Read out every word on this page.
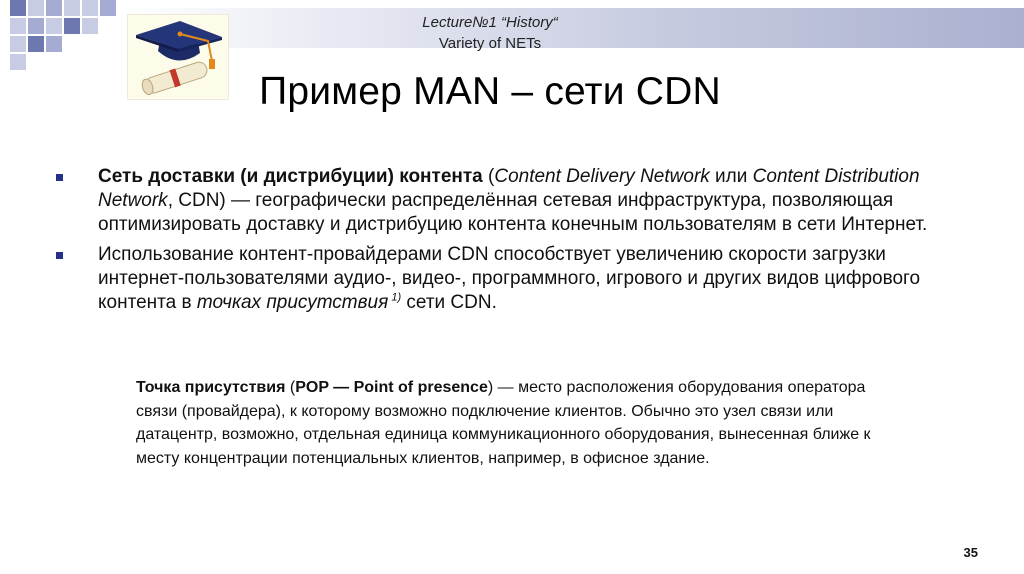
Lecture№1 “History“
Variety of NETs
Пример MAN – сети CDN
Сеть доставки (и дистрибуции) контента (Content Delivery Network или Content Distribution Network, CDN) — географически распределённая сетевая инфраструктура, позволяющая оптимизировать доставку и дистрибуцию контента конечным пользователям в сети Интернет.
Использование контент-провайдерами CDN способствует увеличению скорости загрузки интернет-пользователями аудио-, видео-, программного, игрового и других видов цифрового контента в точках присутствия $^{1)}$ сети CDN.
Точка присутствия (POP — Point of presence) — место расположения оборудования оператора связи (провайдера), к которому возможно подключение клиентов. Обычно это узел связи или датацентр, возможно, отдельная единица коммуникационного оборудования, вынесенная ближе к месту концентрации потенциальных клиентов, например, в офисное здание.
35
